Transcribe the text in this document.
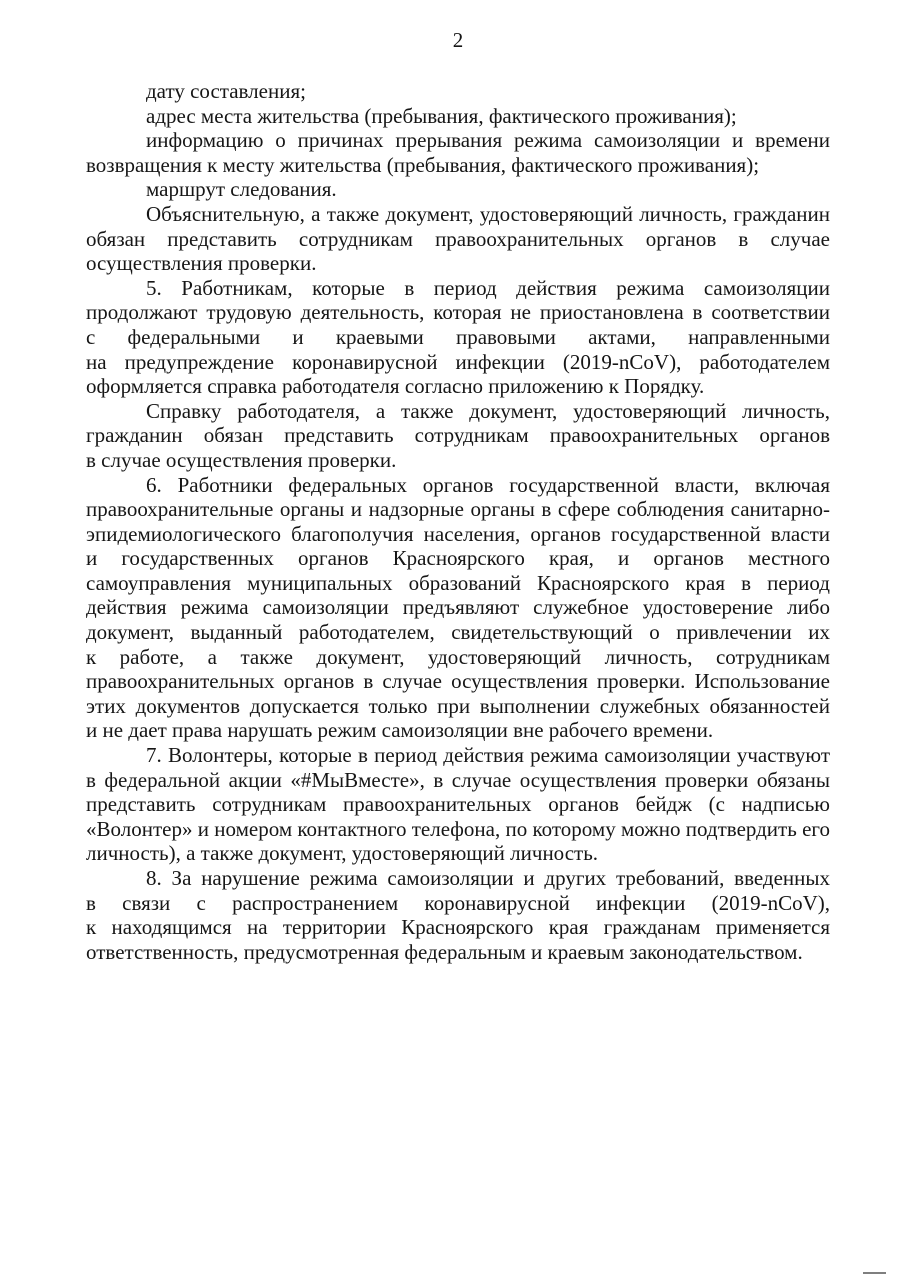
2

дату составления;

адрес места жительства (пребывания, фактического проживания);

информацию о причинах прерывания режима самоизоляции и времени возвращения к месту жительства (пребывания, фактического проживания);

маршрут следования.

Объяснительную, а также документ, удостоверяющий личность, гражданин обязан представить сотрудникам правоохранительных органов в случае осуществления проверки.

5. Работникам, которые в период действия режима самоизоляции продолжают трудовую деятельность, которая не приостановлена в соответствии с федеральными и краевыми правовыми актами, направленными на предупреждение коронавирусной инфекции (2019-nCoV), работодателем оформляется справка работодателя согласно приложению к Порядку.

Справку работодателя, а также документ, удостоверяющий личность, гражданин обязан представить сотрудникам правоохранительных органов в случае осуществления проверки.

6. Работники федеральных органов государственной власти, включая правоохранительные органы и надзорные органы в сфере соблюдения санитарно-эпидемиологического благополучия населения, органов государственной власти и государственных органов Красноярского края, и органов местного самоуправления муниципальных образований Красноярского края в период действия режима самоизоляции предъявляют служебное удостоверение либо документ, выданный работодателем, свидетельствующий о привлечении их к работе, а также документ, удостоверяющий личность, сотрудникам правоохранительных органов в случае осуществления проверки. Использование этих документов допускается только при выполнении служебных обязанностей и не дает права нарушать режим самоизоляции вне рабочего времени.

7. Волонтеры, которые в период действия режима самоизоляции участвуют в федеральной акции «#МыВместе», в случае осуществления проверки обязаны представить сотрудникам правоохранительных органов бейдж (с надписью «Волонтер» и номером контактного телефона, по которому можно подтвердить его личность), а также документ, удостоверяющий личность.

8. За нарушение режима самоизоляции и других требований, введенных в связи с распространением коронавирусной инфекции (2019-nCoV), к находящимся на территории Красноярского края гражданам применяется ответственность, предусмотренная федеральным и краевым законодательством.
